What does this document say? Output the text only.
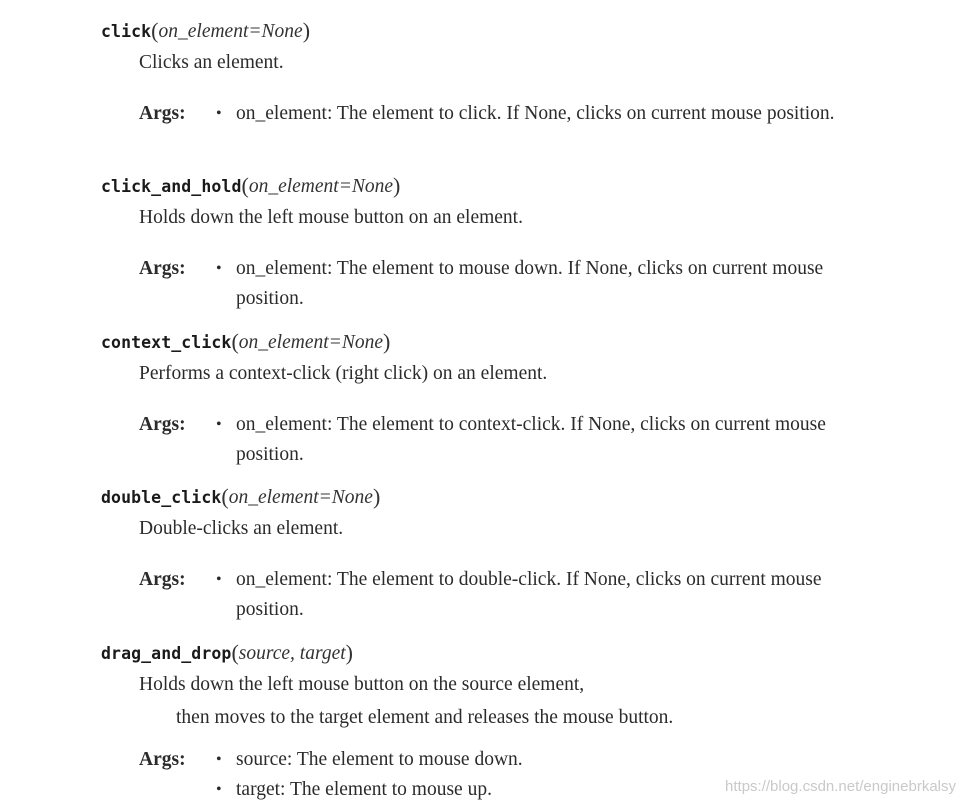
click(on_element=None)
Clicks an element.
Args: • on_element: The element to click. If None, clicks on current mouse position.
click_and_hold(on_element=None)
Holds down the left mouse button on an element.
Args: • on_element: The element to mouse down. If None, clicks on current mouse position.
context_click(on_element=None)
Performs a context-click (right click) on an element.
Args: • on_element: The element to context-click. If None, clicks on current mouse position.
double_click(on_element=None)
Double-clicks an element.
Args: • on_element: The element to double-click. If None, clicks on current mouse position.
drag_and_drop(source, target)
Holds down the left mouse button on the source element,
then moves to the target element and releases the mouse button.
Args: • source: The element to mouse down.
• target: The element to mouse up.	https://blog.csdn.net/enginebrkalsy
